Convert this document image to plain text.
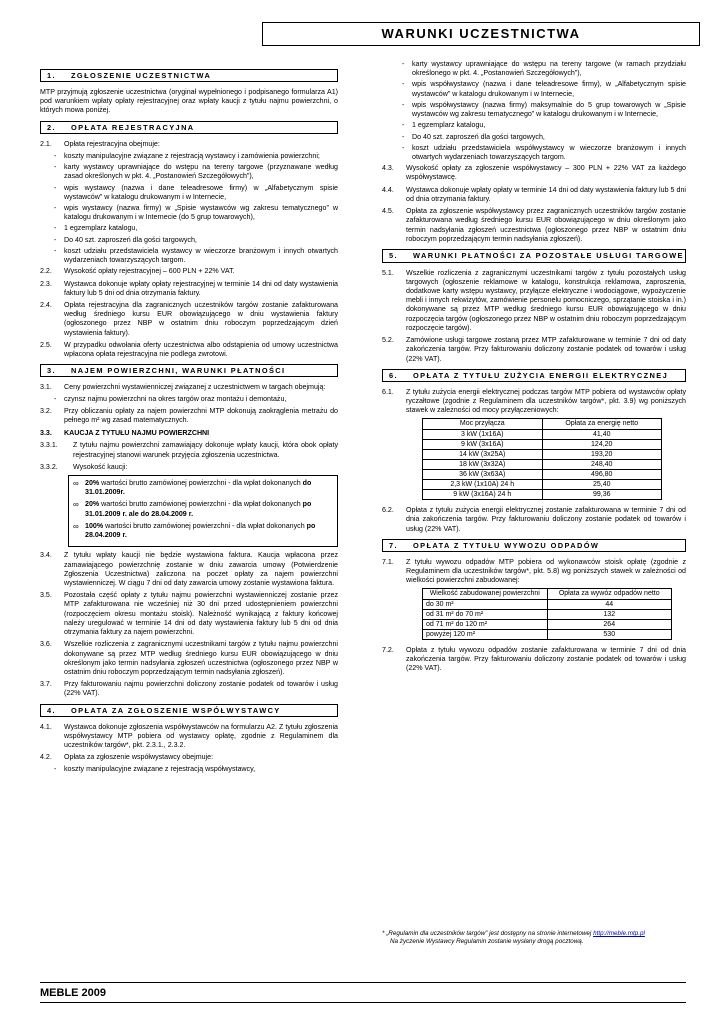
WARUNKI UCZESTNICTWA
1. ZGŁOSZENIE UCZESTNICTWA
MTP przyjmują zgłoszenie uczestnictwa (oryginał wypełnionego i podpisanego formularza A1) pod warunkiem wpłaty opłaty rejestracyjnej oraz wpłaty kaucji z tytułu najmu powierzchni, o których mowa poniżej.
2. OPŁATA REJESTRACYJNA
2.1.	Opłata rejestracyjna obejmuje:
-	koszty manipulacyjne związane z rejestracją wystawcy i zamówienia powierzchni;
-	karty wystawcy uprawniające do wstępu na tereny targowe (przyznawane według zasad określonych w pkt. 4. „Postanowień Szczegółowych”),
-	wpis wystawcy (nazwa i dane teleadresowe firmy) w „Alfabetycznym spisie wystawców” w katalogu drukowanym i w Internecie,
-	wpis wystawcy (nazwa firmy) w „Spisie wystawców wg zakresu tematycznego” w katalogu drukowanym i w Internecie (do 5 grup towarowych),
-	1 egzemplarz katalogu,
-	Do 40 szt. zaproszeń dla gości targowych,
-	koszt udziału przedstawiciela wystawcy w wieczorze branżowym i innych otwartych wydarzeniach towarzyszących targom.
2.2.	Wysokość opłaty rejestracyjnej – 600 PLN + 22% VAT.
2.3.	Wystawca dokonuje wpłaty opłaty rejestracyjnej w terminie 14 dni od daty wystawienia faktury lub 5 dni od dnia otrzymania faktury.
2.4.	Opłata rejestracyjna dla zagranicznych uczestników targów zostanie zafakturowana według średniego kursu EUR obowiązującego w dniu wystawienia faktury (ogłoszonego przez NBP w ostatnim dniu roboczym poprzedzającym dzień wystawienia faktury).
2.5.	W przypadku odwołania oferty uczestnictwa albo odstąpienia od umowy uczestnictwa wpłacona opłata rejestracyjna nie podlega zwrotowi.
3. NAJEM POWIERZCHNI, WARUNKI PŁATNOŚCI
3.1.	Ceny powierzchni wystawienniczej związanej z uczestnictwem w targach obejmują:
-	czynsz najmu powierzchni na okres targów oraz montażu i demontażu,
3.2.	Przy obliczaniu opłaty za najem powierzchni MTP dokonują zaokrąglenia metrażu do pełnego m² wg zasad matematycznych.
3.3.	KAUCJA Z TYTUŁU NAJMU POWIERZCHNI
3.3.1.	Z tytułu najmu powierzchni zamawiający dokonuje wpłaty kaucji, która obok opłaty rejestracyjnej stanowi warunek przyjęcia zgłoszenia uczestnictwa.
3.3.2.	Wysokość kaucji:
∞ 20% wartości brutto zamówionej powierzchni - dla wpłat dokonanych do 31.01.2009r.
∞ 20% wartości brutto zamówionej powierzchni - dla wpłat dokonanych po 31.01.2009 r. ale do 28.04.2009 r.
∞ 100% wartości brutto zamówionej powierzchni - dla wpłat dokonanych po 28.04.2009 r.
3.4.	Z tytułu wpłaty kaucji nie będzie wystawiona faktura. Kaucja wpłacona przez zamawiającego powierzchnię zostanie w dniu zawarcia umowy (Potwierdzenie Zgłoszenia Uczestnictwa) zaliczona na poczet opłaty za najem powierzchni wystawienniczej. W ciągu 7 dni od daty zawarcia umowy zostanie wystawiona faktura.
3.5.	Pozostała część opłaty z tytułu najmu powierzchni wystawienniczej zostanie przez MTP zafakturowana nie wcześniej niż 30 dni przed udostępnieniem powierzchni (rozpoczęciem okresu montażu stoisk). Należność wynikającą z faktury końcowej należy uregulować w terminie 14 dni od daty wystawienia faktury lub 5 dni od dnia otrzymania faktury za najem powierzchni.
3.6.	Wszelkie rozliczenia z zagranicznymi uczestnikami targów z tytułu najmu powierzchni dokonywane są przez MTP według średniego kursu EUR obowiązującego w dniu określonym jako termin nadsyłania zgłoszeń uczestnictwa (ogłoszonego przez NBP w ostatnim dniu roboczym poprzedzającym termin nadsyłania zgłoszeń).
3.7.	Przy fakturowaniu najmu powierzchni doliczony zostanie podatek od towarów i usług (22% VAT).
4. OPŁATA ZA ZGŁOSZENIE WSPÓŁWYSTAWCY
4.1.	Wystawca dokonuje zgłoszenia współwystawców na formularzu A2. Z tytułu zgłoszenia współwystawcy MTP pobiera od wystawcy opłatę, zgodnie z Regulaminem dla uczestników targów*, pkt. 2.3.1., 2.3.2.
4.2.	Opłata za zgłoszenie współwystawcy obejmuje:
-	koszty manipulacyjne związane z rejestracją współwystawcy,
-	karty wystawcy uprawniające do wstępu na tereny targowe (w ramach przydziału określonego w pkt. 4. „Postanowień Szczegółowych”),
-	wpis współwystawcy (nazwa i dane teleadresowe firmy), w „Alfabetycznym spisie wystawców” w katalogu drukowanym i w Internecie,
-	wpis współwystawcy (nazwa firmy) maksymalnie do 5 grup towarowych w „Spisie wystawców wg zakresu tematycznego” w katalogu drukowanym i w Internecie,
-	1 egzemplarz katalogu,
-	Do 40 szt. zaproszeń dla gości targowych,
-	koszt udziału przedstawiciela współwystawcy w wieczorze branżowym i innych otwartych wydarzeniach towarzyszących targom.
4.3.	Wysokość opłaty za zgłoszenie współwystawcy – 300 PLN + 22% VAT za każdego współwystawcę.
4.4.	Wystawca dokonuje wpłaty opłaty w terminie 14 dni od daty wystawienia faktury lub 5 dni od dnia otrzymania faktury.
4.5.	Opłata za zgłoszenie współwystawcy przez zagranicznych uczestników targów zostanie zafakturowana według średniego kursu EUR obowiązującego w dniu określonym jako termin nadsyłania zgłoszeń uczestnictwa (ogłoszonego przez NBP w ostatnim dniu roboczym poprzedzającym termin nadsyłania zgłoszeń).
5. WARUNKI PŁATNOŚCI ZA POZOSTAŁE USŁUGI TARGOWE
5.1.	Wszelkie rozliczenia z zagranicznymi uczestnikami targów z tytułu pozostałych usług targowych (ogłoszenie reklamowe w katalogu, konstrukcja reklamowa, zaproszenia, dodatkowe karty wstępu wystawcy, przyłącze elektryczne i wodociągowe, wypożyczenie mebli i innych rekwizytów, zamówienie personelu pomocniczego, sprzątanie stoiska i in.) dokonywane są przez MTP według średniego kursu EUR obowiązującego w dniu rozpoczęcia targów (ogłoszonego przez NBP w ostatnim dniu roboczym poprzedzającym rozpoczęcie targów).
5.2.	Zamówione usługi targowe zostaną przez MTP zafakturowane w terminie 7 dni od daty zakończenia targów. Przy fakturowaniu doliczony zostanie podatek od towarów i usług (22% VAT).
6. OPŁATA Z TYTUŁU ZUŻYCIA ENERGII ELEKTRYCZNEJ
6.1.	Z tytułu zużycia energii elektrycznej podczas targów MTP pobiera od wystawców opłaty ryczałtowe (zgodnie z Regulaminem dla uczestników targów*, pkt. 3.9) wg poniższych stawek w zależności od mocy przyłączeniowych:
Moc przyłącza	Opłata za energię netto
3 kW (1x16A)	41,40
9 kW (3x16A)	124,20
14 kW (3x25A)	193,20
18 kW (3x32A)	248,40
36 kW (3x63A)	496,80
2,3 kW (1x10A) 24 h	25,40
9 kW (3x16A) 24 h	99,36
6.2.	Opłata z tytułu zużycia energii elektrycznej zostanie zafakturowana w terminie 7 dni od dnia zakończenia targów. Przy fakturowaniu doliczony zostanie podatek od towarów i usług (22% VAT).
7. OPŁATA Z TYTUŁU WYWOZU ODPADÓW
7.1.	Z tytułu wywozu odpadów MTP pobiera od wykonawców stoisk opłatę (zgodnie z Regulaminem dla uczestników targów*, pkt. 5.8) wg poniższych stawek w zależności od wielkości powierzchni zabudowanej:
Wielkość zabudowanej powierzchni	Opłata za wywóz odpadów netto
do 30 m²	44
od 31 m² do 70 m²	132
od 71 m² do 120 m²	264
powyżej 120 m²	530
7.2.	Opłata z tytułu wywozu odpadów zostanie zafakturowana w terminie 7 dni od dnia zakończenia targów. Przy fakturowaniu doliczony zostanie podatek od towarów i usług (22% VAT).
* „Regulamin dla uczestników targów” jest dostępny na stronie internetowej http://meble.mtp.pl
Na życzenie Wystawcy Regulamin zostanie wysłany drogą pocztową.
MEBLE 2009
